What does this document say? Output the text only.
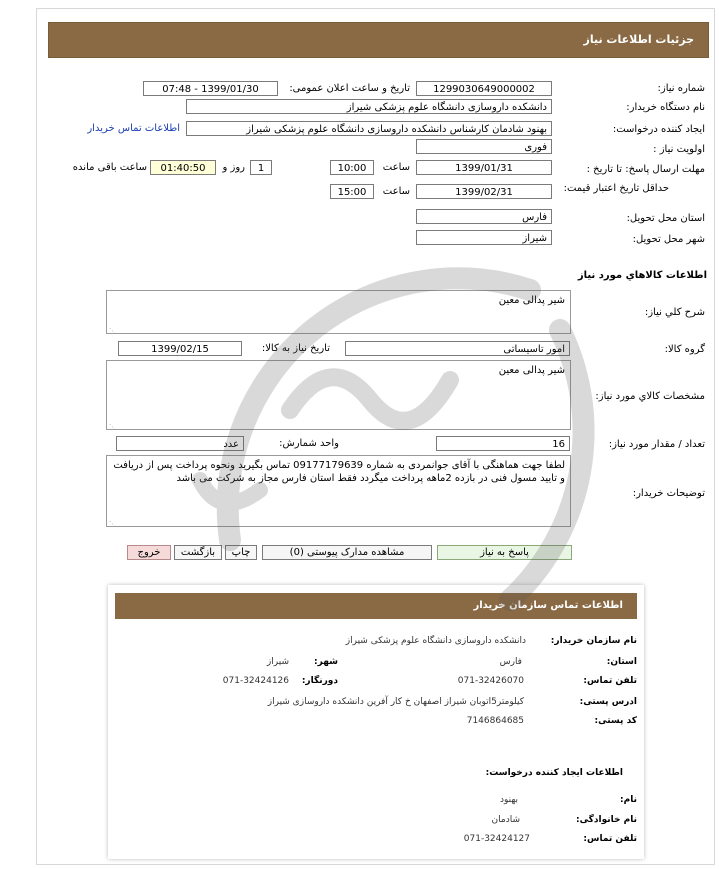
جزئیات اطلاعات نیاز
شماره نیاز:
1299030649000002
تاریخ و ساعت اعلان عمومی:
1399/01/30 - 07:48
نام دستگاه خریدار:
دانشکده داروسازی دانشگاه علوم پزشکی شیراز
ایجاد کننده درخواست:
بهنود شادمان کارشناس دانشکده داروسازی دانشگاه علوم پزشکی شیراز
اطلاعات تماس خریدار
اولویت نیاز :
فوری
مهلت ارسال پاسخ: تا تاریخ :
1399/01/31
ساعت
10:00
1
روز و
01:40:50
ساعت باقی مانده
حداقل تاریخ اعتبار قیمت:
1399/02/31
ساعت
15:00
استان محل تحویل:
فارس
شهر محل تحویل:
شیراز
اطلاعات کالاهاي مورد نياز
شرح کلي نياز:
شیر پدالی معین
⋰
گروه کالا:
امور تاسیساتی
تاریخ نیاز به کالا:
1399/02/15
مشخصات کالاي مورد نياز:
شیر پدالی معین
⋰
تعداد / مقدار مورد نیاز:
16
واحد شمارش:
عدد
توضیحات خریدار:
لطفا جهت هماهنگی با آقای جوانمردی به شماره 09177179639 تماس بگیرید ونحوه پرداخت پس از دریافت و تایید مسول فنی در بازده 2ماهه پرداخت میگردد فقط استان فارس مجاز به شرکت می باشد
⋰
پاسخ به نیاز
مشاهده مدارک پیوستی (0)
چاپ
بازگشت
خروج
اطلاعات تماس سازمان خریدار
نام سازمان خریدار:
دانشکده داروسازی دانشگاه علوم پزشکی شیراز
استان:
فارس
شهر:
شیراز
تلفن تماس:
071-32426070
دورنگار:
071-32424126
ادرس پستی:
کیلومتر5اتوبان شیراز اصفهان خ کار آفرین دانشکده داروسازی شیراز
کد پستی:
7146864685
اطلاعات ایجاد کننده درخواست:
نام:
بهنود
نام خانوادگی:
شادمان
تلفن تماس:
071-32424127
